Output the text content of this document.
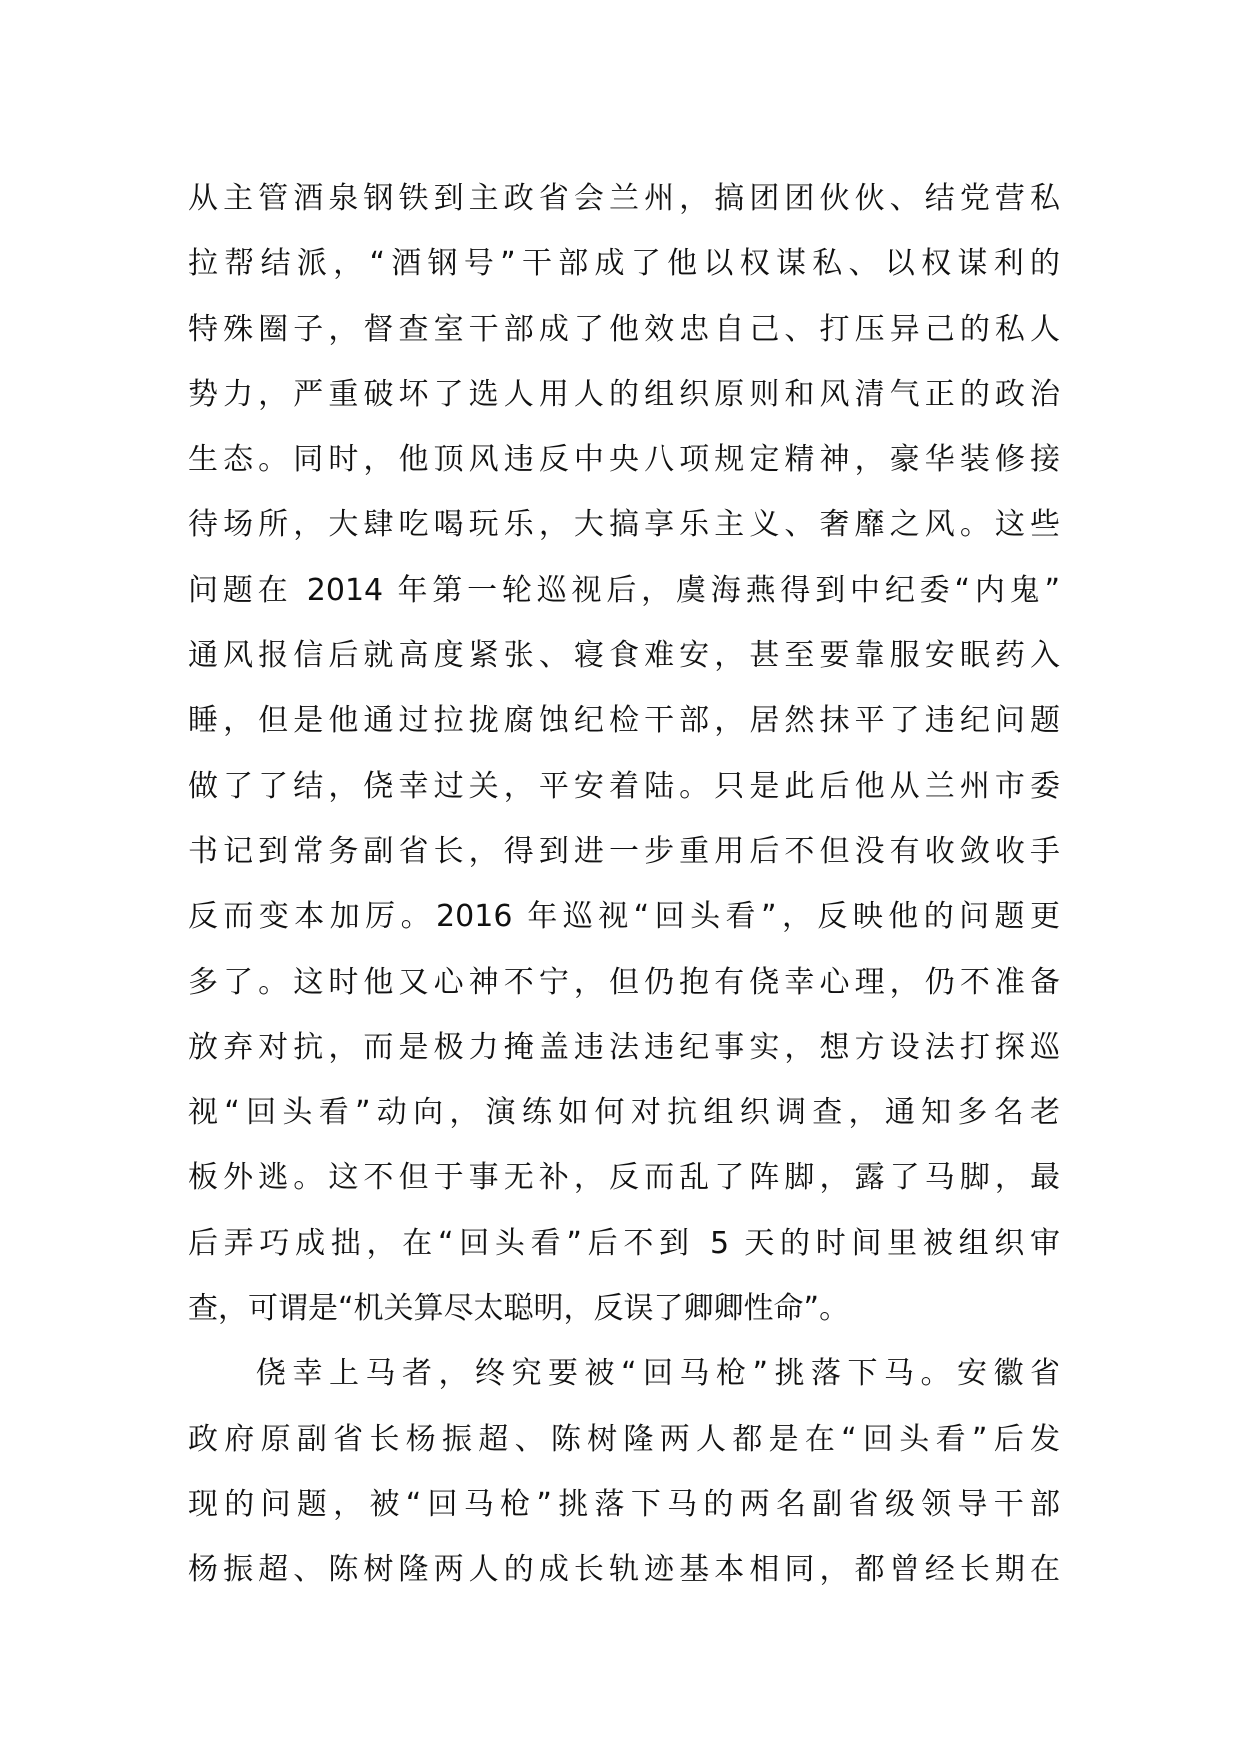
从主管酒泉钢铁到主政省会兰州，搞团团伙伙、结党营私
拉帮结派，“酒钢号”干部成了他以权谋私、以权谋利的
特殊圈子，督查室干部成了他效忠自己、打压异己的私人
势力，严重破坏了选人用人的组织原则和风清气正的政治
生态。同时，他顶风违反中央八项规定精神，豪华装修接
待场所，大肆吃喝玩乐，大搞享乐主义、奢靡之风。这些
问题在 2014 年第一轮巡视后，虞海燕得到中纪委“内鬼”
通风报信后就高度紧张、寝食难安，甚至要靠服安眠药入
睡，但是他通过拉拢腐蚀纪检干部，居然抹平了违纪问题
做了了结，侥幸过关，平安着陆。只是此后他从兰州市委
书记到常务副省长，得到进一步重用后不但没有收敛收手
反而变本加厉。2016 年巡视“回头看”，反映他的问题更
多了。这时他又心神不宁，但仍抱有侥幸心理，仍不准备
放弃对抗，而是极力掩盖违法违纪事实，想方设法打探巡
视“回头看”动向，演练如何对抗组织调查，通知多名老
板外逃。这不但于事无补，反而乱了阵脚，露了马脚，最
后弄巧成拙，在“回头看”后不到 5 天的时间里被组织审
查，可谓是“机关算尽太聪明，反误了卿卿性命”。
侥幸上马者，终究要被“回马枪”挑落下马。安徽省
政府原副省长杨振超、陈树隆两人都是在“回头看”后发
现的问题，被“回马枪”挑落下马的两名副省级领导干部
杨振超、陈树隆两人的成长轨迹基本相同，都曾经长期在
